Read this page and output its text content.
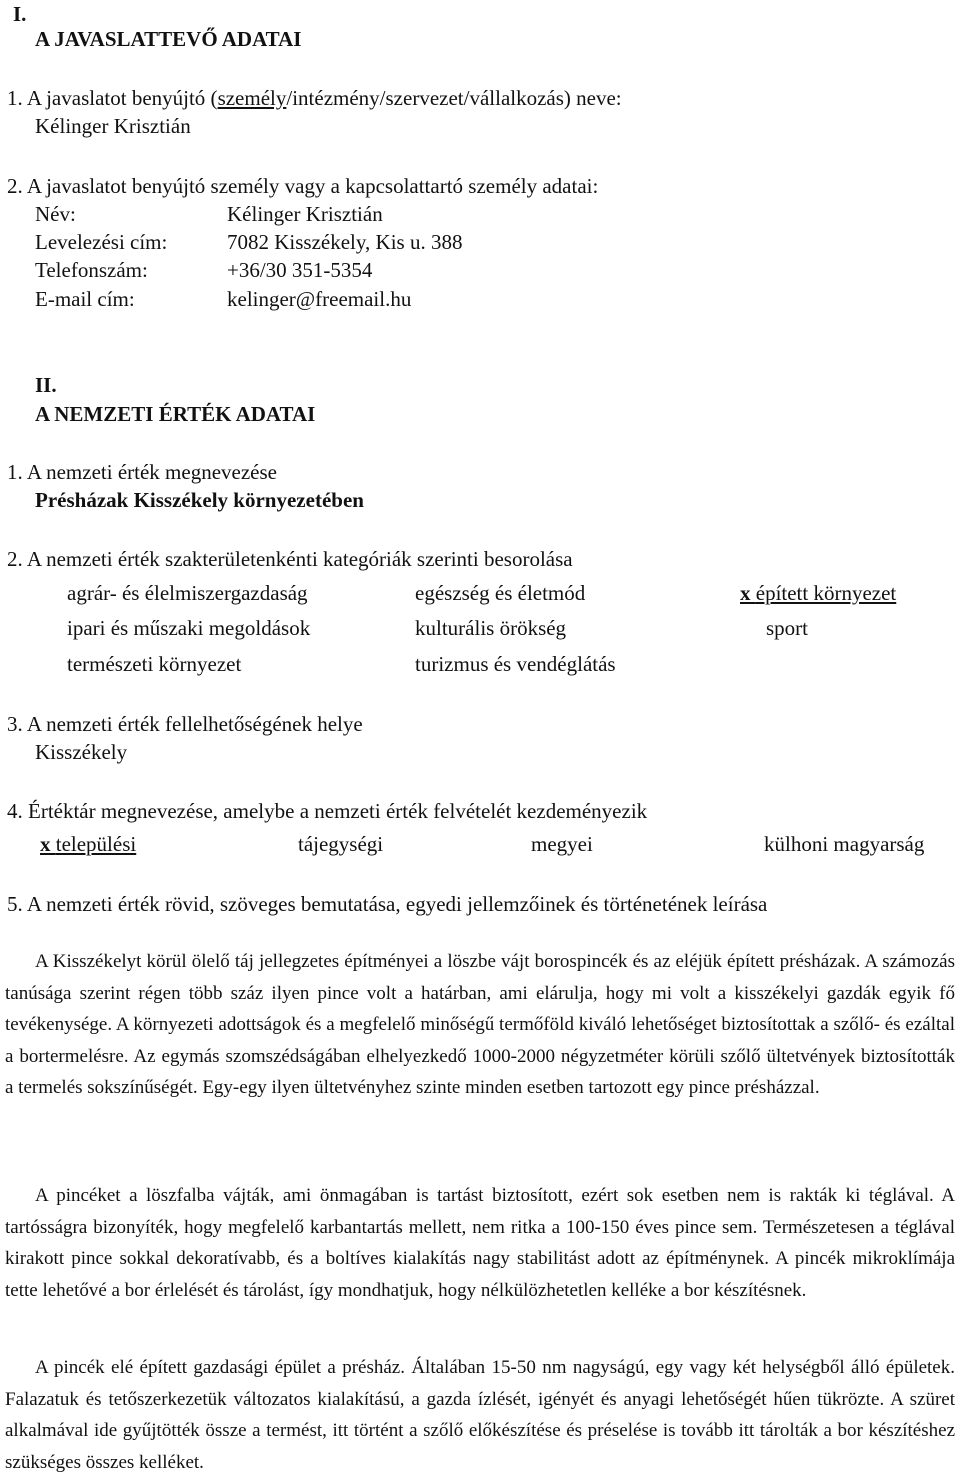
I.
A JAVASLATTEVŐ ADATAI
1. A javaslatot benyújtó (személy/intézmény/szervezet/vállalkozás) neve:
Kélinger Krisztián
2. A javaslatot benyújtó személy vagy a kapcsolattartó személy adatai:
Név:	Kélinger Krisztián
Levelezési cím:	7082 Kisszékely, Kis u. 388
Telefonszám:	+36/30 351-5354
E-mail cím:	kelinger@freemail.hu
II.
A NEMZETI ÉRTÉK ADATAI
1. A nemzeti érték megnevezése
Présházak Kisszékely környezetében
2. A nemzeti érték szakterületenkénti kategóriák szerinti besorolása
agrár- és élelmiszergazdaság	egészség és életmód	x épített környezet
ipari és műszaki megoldások	kulturális örökség	sport
természeti környezet	turizmus és vendéglátás
3. A nemzeti érték fellelhetőségének helye
Kisszékely
4. Értéktár megnevezése, amelybe a nemzeti érték felvételét kezdeményezik
x települési	tájegységi	megyei	külhoni magyarság
5. A nemzeti érték rövid, szöveges bemutatása, egyedi jellemzőinek és történetének leírása

A Kisszékelyt körül ölelő táj jellegzetes építményei a löszbe vájt borospincék és az eléjük épített présházak. A számozás tanúsága szerint régen több száz ilyen pince volt a határban, ami elárulja, hogy mi volt a kisszékelyi gazdák egyik fő tevékenysége. A környezeti adottságok és a megfelelő minőségű termőföld kiváló lehetőséget biztosítottak a szőlő- és ezáltal a bortermelésre. Az egymás szomszédságában elhelyezkedő 1000-2000 négyzetméter körüli szőlő ültetvények biztosították a termelés sokszínűségét. Egy-egy ilyen ültetvényhez szinte minden esetben tartozott egy pince présházzal.

A pincéket a löszfalba vájták, ami önmagában is tartást biztosított, ezért sok esetben nem is rakták ki téglával. A tartósságra bizonyíték, hogy megfelelő karbantartás mellett, nem ritka a 100-150 éves pince sem. Természetesen a téglával kirakott pince sokkal dekoratívabb, és a boltíves kialakítás nagy stabilitást adott az építménynek. A pincék mikroklímája tette lehetővé a bor érlelését és tárolást, így mondhatjuk, hogy nélkülözhetetlen kelléke a bor készítésnek.

A pincék elé épített gazdasági épület a présház. Általában 15-50 nm nagyságú, egy vagy két helységből álló épületek. Falazatuk és tetőszerkezetük változatos kialakítású, a gazda ízlését, igényét és anyagi lehetőségét hűen tükrözte. A szüret alkalmával ide gyűjtötték össze a termést, itt történt a szőlő előkészítése és préselése is tovább itt tárolták a bor készítéshez szükséges összes kelléket.
